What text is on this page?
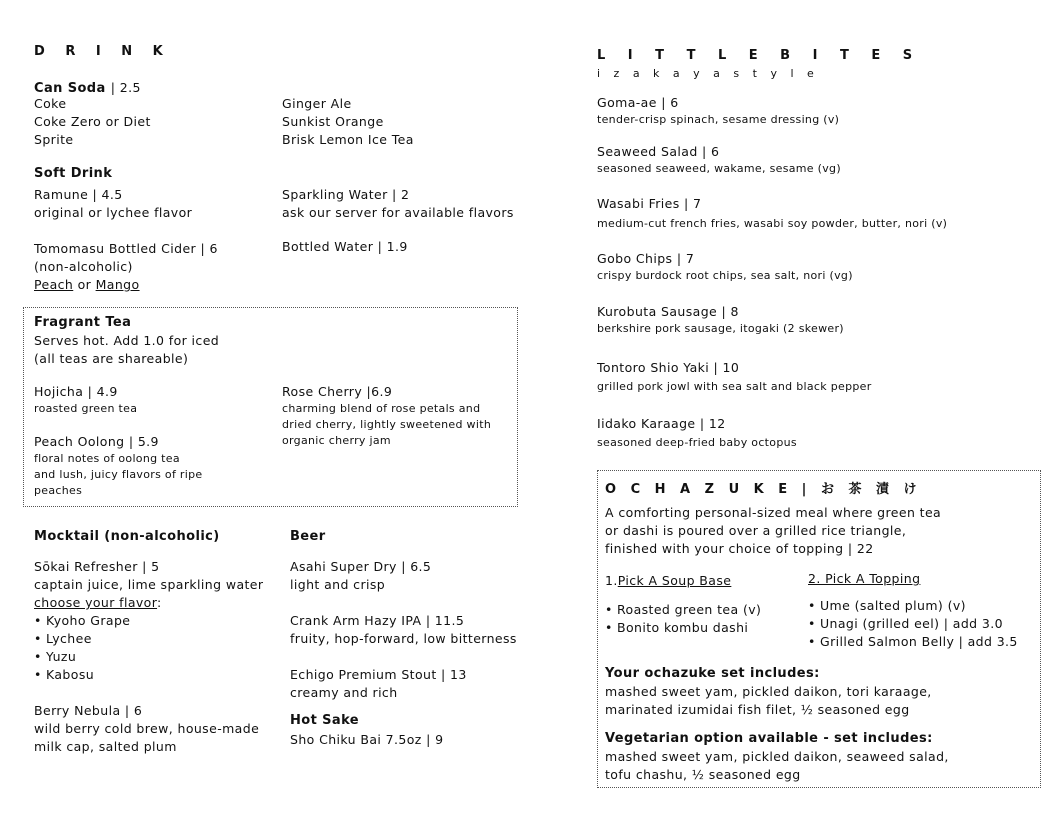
D R I N K
Can Soda | 2.5
Coke
Coke Zero or Diet
Sprite
Ginger Ale
Sunkist Orange
Brisk Lemon Ice Tea
Soft Drink
Ramune | 4.5
original or lychee flavor
Sparkling Water | 2
ask our server for available flavors
Tomomasu Bottled Cider | 6
(non-alcoholic)
Peach or Mango
Bottled Water | 1.9
Fragrant Tea
Serves hot. Add 1.0 for iced
(all teas are shareable)
Hojicha | 4.9
roasted green tea
Rose Cherry |6.9
charming blend of rose petals and
dried cherry, lightly sweetened with
organic cherry jam
Peach Oolong | 5.9
floral notes of oolong tea
and lush, juicy flavors of ripe
peaches
Mocktail (non-alcoholic)
Sōkai Refresher | 5
captain juice, lime sparkling water
choose your flavor:
• Kyoho Grape
• Lychee
• Yuzu
• Kabosu
Berry Nebula | 6
wild berry cold brew, house-made
milk cap, salted plum
Beer
Asahi Super Dry | 6.5
light and crisp
Crank Arm Hazy IPA | 11.5
fruity, hop-forward, low bitterness
Echigo Premium Stout | 13
creamy and rich
Hot Sake
Sho Chiku Bai 7.5oz | 9
L I T T L E B I T E S
i z a k a y a s t y l e
Goma-ae | 6
tender-crisp spinach, sesame dressing (v)
Seaweed Salad | 6
seasoned seaweed, wakame, sesame (vg)
Wasabi Fries | 7
medium-cut french fries, wasabi soy powder, butter, nori (v)
Gobo Chips | 7
crispy burdock root chips, sea salt, nori (vg)
Kurobuta Sausage | 8
berkshire pork sausage, itogaki (2 skewer)
Tontoro Shio Yaki | 10
grilled pork jowl with sea salt and black pepper
Iidako Karaage | 12
seasoned deep-fried baby octopus
O C H A Z U K E | お 茶 漬 け
A comforting personal-sized meal where green tea
or dashi is poured over a grilled rice triangle,
finished with your choice of topping | 22
1.Pick A Soup Base
• Roasted green tea (v)
• Bonito kombu dashi
2. Pick A Topping
• Ume (salted plum) (v)
• Unagi (grilled eel) | add 3.0
• Grilled Salmon Belly | add 3.5
Your ochazuke set includes:
mashed sweet yam, pickled daikon, tori karaage,
marinated izumidai fish filet, ½ seasoned egg
Vegetarian option available - set includes:
mashed sweet yam, pickled daikon, seaweed salad,
tofu chashu, ½ seasoned egg
